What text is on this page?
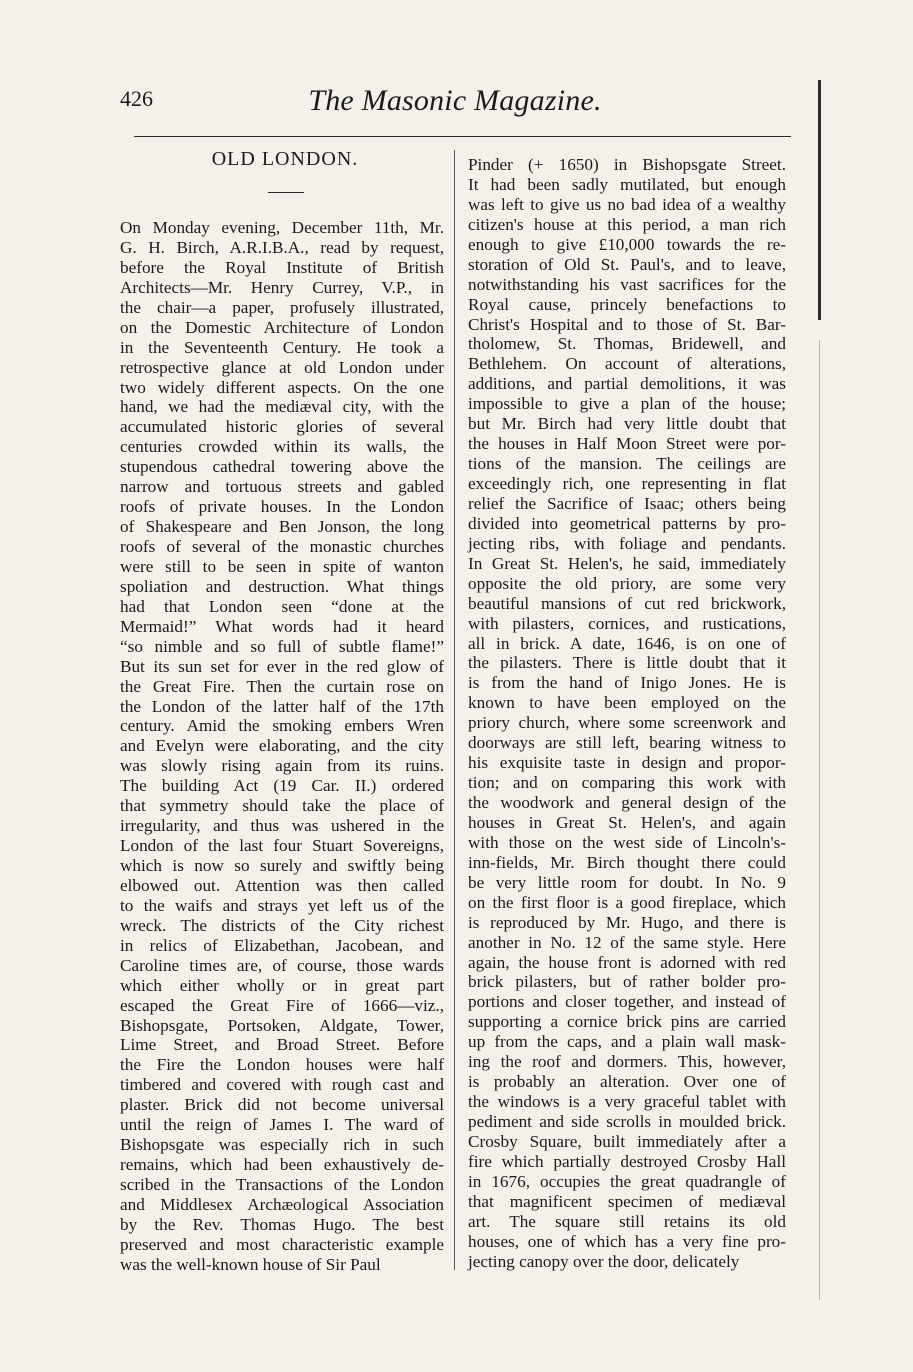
426	The Masonic Magazine.
OLD LONDON.
On Monday evening, December 11th, Mr.
G. H. Birch, A.R.I.B.A., read by request,
before the Royal Institute of British
Architects—Mr. Henry Currey, V.P., in
the chair—a paper, profusely illustrated,
on the Domestic Architecture of London
in the Seventeenth Century. He took a
retrospective glance at old London under
two widely different aspects. On the one
hand, we had the mediæval city, with the
accumulated historic glories of several
centuries crowded within its walls, the
stupendous cathedral towering above the
narrow and tortuous streets and gabled
roofs of private houses. In the London
of Shakespeare and Ben Jonson, the long
roofs of several of the monastic churches
were still to be seen in spite of wanton
spoliation and destruction. What things
had that London seen “done at the
Mermaid!” What words had it heard
“so nimble and so full of subtle flame!”
But its sun set for ever in the red glow of
the Great Fire. Then the curtain rose on
the London of the latter half of the 17th
century. Amid the smoking embers Wren
and Evelyn were elaborating, and the city
was slowly rising again from its ruins.
The building Act (19 Car. II.) ordered
that symmetry should take the place of
irregularity, and thus was ushered in the
London of the last four Stuart Sovereigns,
which is now so surely and swiftly being
elbowed out. Attention was then called
to the waifs and strays yet left us of the
wreck. The districts of the City richest
in relics of Elizabethan, Jacobean, and
Caroline times are, of course, those wards
which either wholly or in great part
escaped the Great Fire of 1666—viz.,
Bishopsgate, Portsoken, Aldgate, Tower,
Lime Street, and Broad Street. Before
the Fire the London houses were half
timbered and covered with rough cast and
plaster. Brick did not become universal
until the reign of James I. The ward of
Bishopsgate was especially rich in such
remains, which had been exhaustively de-
scribed in the Transactions of the London
and Middlesex Archæological Association
by the Rev. Thomas Hugo. The best
preserved and most characteristic example
was the well-known house of Sir Paul
Pinder (+ 1650) in Bishopsgate Street.
It had been sadly mutilated, but enough
was left to give us no bad idea of a wealthy
citizen's house at this period, a man rich
enough to give £10,000 towards the re-
storation of Old St. Paul's, and to leave,
notwithstanding his vast sacrifices for the
Royal cause, princely benefactions to
Christ's Hospital and to those of St. Bar-
tholomew, St. Thomas, Bridewell, and
Bethlehem. On account of alterations,
additions, and partial demolitions, it was
impossible to give a plan of the house;
but Mr. Birch had very little doubt that
the houses in Half Moon Street were por-
tions of the mansion. The ceilings are
exceedingly rich, one representing in flat
relief the Sacrifice of Isaac; others being
divided into geometrical patterns by pro-
jecting ribs, with foliage and pendants.
In Great St. Helen's, he said, immediately
opposite the old priory, are some very
beautiful mansions of cut red brickwork,
with pilasters, cornices, and rustications,
all in brick. A date, 1646, is on one of
the pilasters. There is little doubt that it
is from the hand of Inigo Jones. He is
known to have been employed on the
priory church, where some screenwork and
doorways are still left, bearing witness to
his exquisite taste in design and propor-
tion; and on comparing this work with
the woodwork and general design of the
houses in Great St. Helen's, and again
with those on the west side of Lincoln's-
inn-fields, Mr. Birch thought there could
be very little room for doubt. In No. 9
on the first floor is a good fireplace, which
is reproduced by Mr. Hugo, and there is
another in No. 12 of the same style. Here
again, the house front is adorned with red
brick pilasters, but of rather bolder pro-
portions and closer together, and instead of
supporting a cornice brick pins are carried
up from the caps, and a plain wall mask-
ing the roof and dormers. This, however,
is probably an alteration. Over one of
the windows is a very graceful tablet with
pediment and side scrolls in moulded brick.
Crosby Square, built immediately after a
fire which partially destroyed Crosby Hall
in 1676, occupies the great quadrangle of
that magnificent specimen of mediæval
art. The square still retains its old
houses, one of which has a very fine pro-
jecting canopy over the door, delicately
